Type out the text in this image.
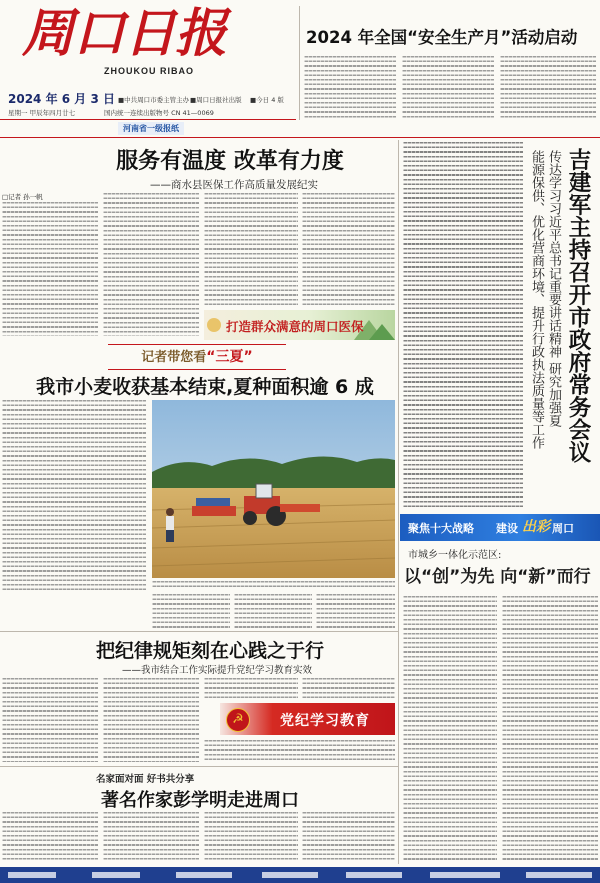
周口日报
ZHOUKOU RIBAO
2024 年 6 月 3 日 ■中共周口市委主管主办 ■周口日报社出版 ■今日 4 版
星期一 甲辰年四月廿七	国内统一连续出版物号 CN 41—0069
河南省一级报纸
2024 年全国“安全生产月”活动启动
服务有温度 改革有力度
——商水县医保工作高质量发展纪实
□记者 孙一帆
打造群众满意的周口医保	吉建军主持召开市政府常务会议
传达学习习近平总书记重要讲话精神 研究加强夏
能源保供、优化营商环境、提升行政执法质量等工作
记者带您看“三夏”
我市小麦收获基本结束,夏种面积逾 6 成
把纪律规矩刻在心践之于行
——我市结合工作实际提升党纪学习教育实效
☭	党纪学习教育
名家面对面 好书共分享
著名作家彭学明走进周口
聚焦十大战略 建设 出彩 周口
市城乡一体化示范区:
以“创”为先 向“新”而行
